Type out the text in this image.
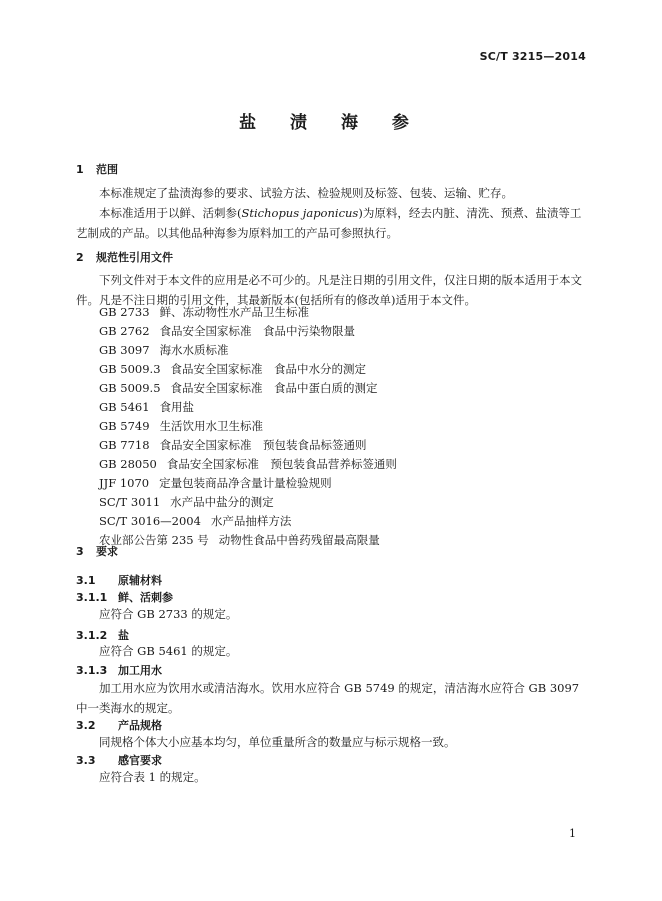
SC/T 3215—2014
盐 渍 海 参
1 范围
本标准规定了盐渍海参的要求、试验方法、检验规则及标签、包装、运输、贮存。
本标准适用于以鲜、活刺参(Stichopus japonicus)为原料，经去内脏、清洗、预煮、盐渍等工艺制成的产品。以其他品种海参为原料加工的产品可参照执行。
2 规范性引用文件
下列文件对于本文件的应用是必不可少的。凡是注日期的引用文件，仅注日期的版本适用于本文件。凡是不注日期的引用文件，其最新版本(包括所有的修改单)适用于本文件。
GB 2733 鲜、冻动物性水产品卫生标准
GB 2762 食品安全国家标准　食品中污染物限量
GB 3097 海水水质标准
GB 5009.3 食品安全国家标准　食品中水分的测定
GB 5009.5 食品安全国家标准　食品中蛋白质的测定
GB 5461 食用盐
GB 5749 生活饮用水卫生标准
GB 7718 食品安全国家标准　预包装食品标签通则
GB 28050 食品安全国家标准　预包装食品营养标签通则
JJF 1070 定量包装商品净含量计量检验规则
SC/T 3011 水产品中盐分的测定
SC/T 3016—2004 水产品抽样方法
农业部公告第 235 号 动物性食品中兽药残留最高限量
3 要求
3.1 原辅材料
3.1.1 鲜、活刺参
应符合 GB 2733 的规定。
3.1.2 盐
应符合 GB 5461 的规定。
3.1.3 加工用水
加工用水应为饮用水或清洁海水。饮用水应符合 GB 5749 的规定，清洁海水应符合 GB 3097 中一类海水的规定。
3.2 产品规格
同规格个体大小应基本均匀，单位重量所含的数量应与标示规格一致。
3.3 感官要求
应符合表 1 的规定。
1
